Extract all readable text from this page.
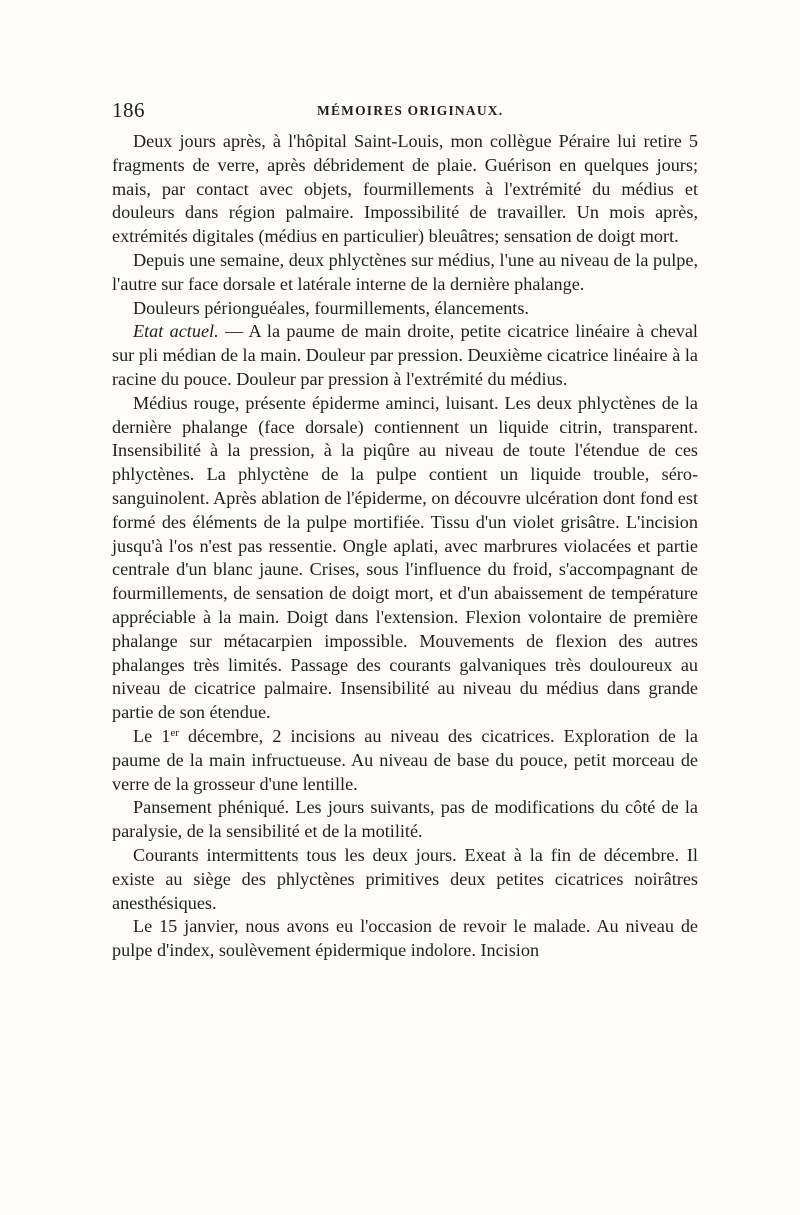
186	MÉMOIRES ORIGINAUX.

Deux jours après, à l'hôpital Saint-Louis, mon collègue Péraire lui retire 5 fragments de verre, après débridement de plaie. Guérison en quelques jours; mais, par contact avec objets, fourmillements à l'extrémité du médius et douleurs dans région palmaire. Impossibilité de travailler. Un mois après, extrémités digitales (médius en particulier) bleuâtres; sensation de doigt mort.

Depuis une semaine, deux phlyctènes sur médius, l'une au niveau de la pulpe, l'autre sur face dorsale et latérale interne de la dernière phalange.

Douleurs périonguéales, fourmillements, élancements.

Etat actuel. — A la paume de main droite, petite cicatrice linéaire à cheval sur pli médian de la main. Douleur par pression. Deuxième cicatrice linéaire à la racine du pouce. Douleur par pression à l'extrémité du médius.

Médius rouge, présente épiderme aminci, luisant. Les deux phlyctènes de la dernière phalange (face dorsale) contiennent un liquide citrin, transparent. Insensibilité à la pression, à la piqûre au niveau de toute l'étendue de ces phlyctènes. La phlyctène de la pulpe contient un liquide trouble, séro-sanguinolent. Après ablation de l'épiderme, on découvre ulcération dont fond est formé des éléments de la pulpe mortifiée. Tissu d'un violet grisâtre. L'incision jusqu'à l'os n'est pas ressentie. Ongle aplati, avec marbrures violacées et partie centrale d'un blanc jaune. Crises, sous l'influence du froid, s'accompagnant de fourmillements, de sensation de doigt mort, et d'un abaissement de température appréciable à la main. Doigt dans l'extension. Flexion volontaire de première phalange sur métacarpien impossible. Mouvements de flexion des autres phalanges très limités. Passage des courants galvaniques très douloureux au niveau de cicatrice palmaire. Insensibilité au niveau du médius dans grande partie de son étendue.

Le 1er décembre, 2 incisions au niveau des cicatrices. Exploration de la paume de la main infructueuse. Au niveau de base du pouce, petit morceau de verre de la grosseur d'une lentille.

Pansement phéniqué. Les jours suivants, pas de modifications du côté de la paralysie, de la sensibilité et de la motilité.

Courants intermittents tous les deux jours. Exeat à la fin de décembre. Il existe au siège des phlyctènes primitives deux petites cicatrices noirâtres anesthésiques.

Le 15 janvier, nous avons eu l'occasion de revoir le malade. Au niveau de pulpe d'index, soulèvement épidermique indolore. Incision
